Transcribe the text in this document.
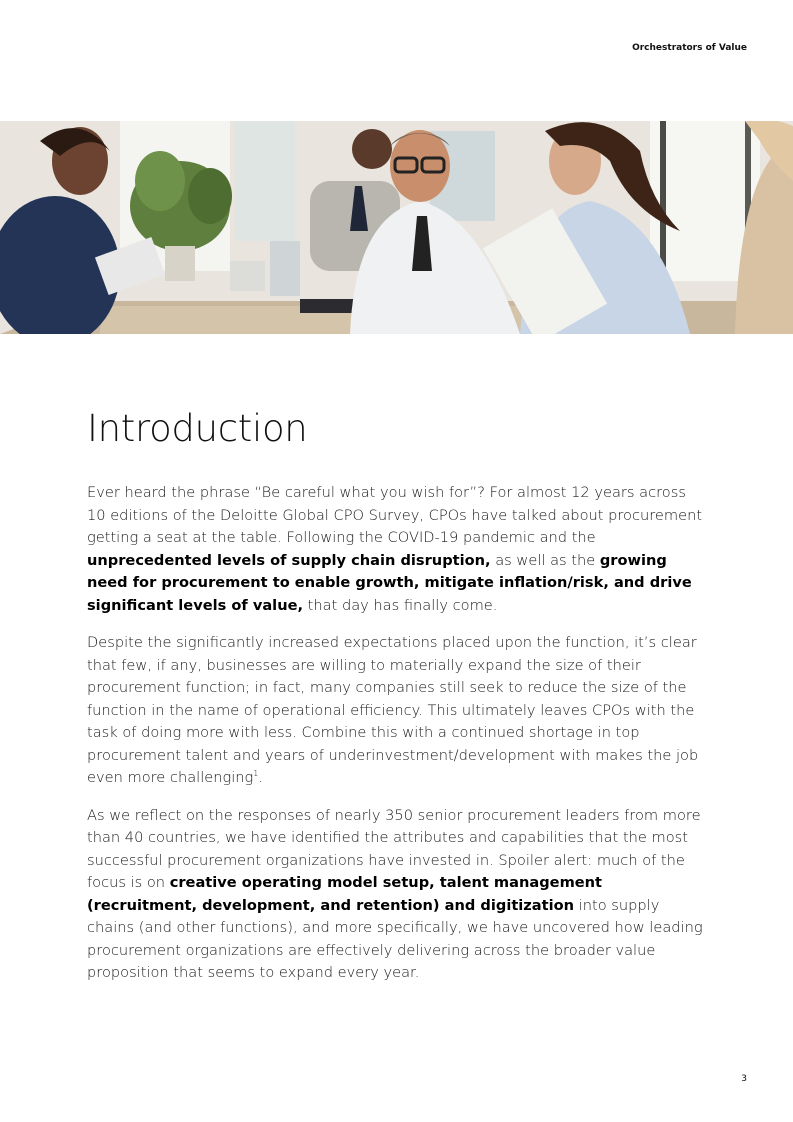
Orchestrators of Value
Introduction

Ever heard the phrase “Be careful what you wish for”? For almost 12 years across 10 editions of the Deloitte Global CPO Survey, CPOs have talked about procurement getting a seat at the table. Following the COVID-19 pandemic and the unprecedented levels of supply chain disruption, as well as the growing need for procurement to enable growth, mitigate inflation/risk, and drive significant levels of value, that day has finally come.

Despite the significantly increased expectations placed upon the function, it’s clear that few, if any, businesses are willing to materially expand the size of their procurement function; in fact, many companies still seek to reduce the size of the function in the name of operational efficiency. This ultimately leaves CPOs with the task of doing more with less. Combine this with a continued shortage in top procurement talent and years of underinvestment/development with makes the job even more challenging$^1$.

As we reflect on the responses of nearly 350 senior procurement leaders from more than 40 countries, we have identified the attributes and capabilities that the most successful procurement organizations have invested in. Spoiler alert: much of the focus is on creative operating model setup, talent management (recruitment, development, and retention) and digitization into supply chains (and other functions), and more specifically, we have uncovered how leading procurement organizations are effectively delivering across the broader value proposition that seems to expand every year.

3
